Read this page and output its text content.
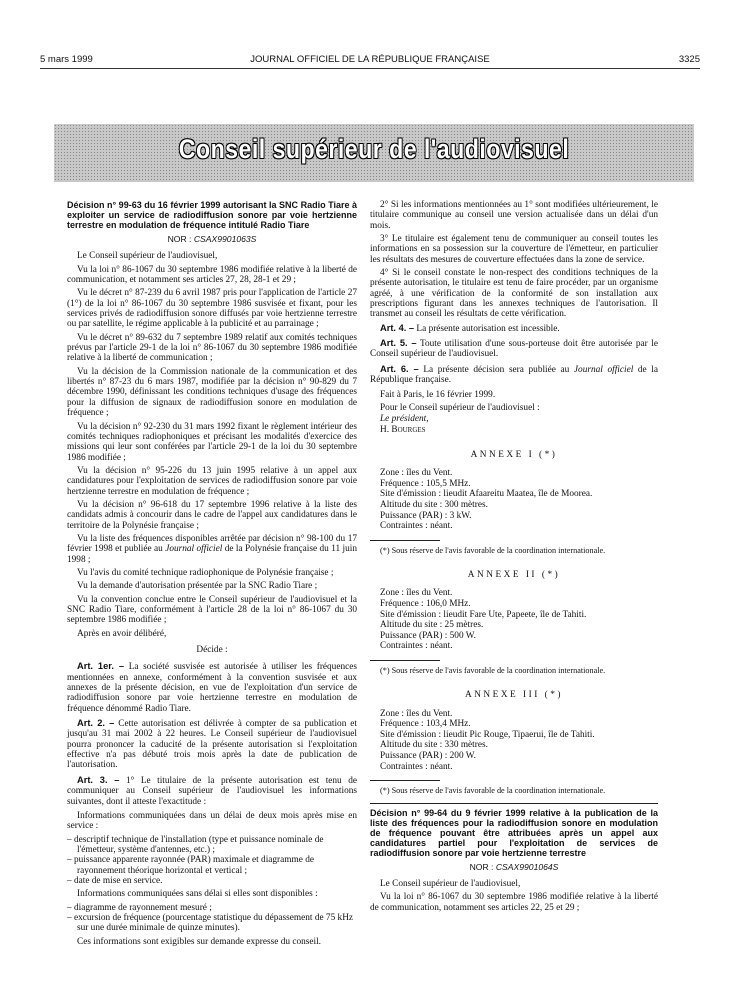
5 mars 1999	JOURNAL OFFICIEL DE LA RÉPUBLIQUE FRANÇAISE	3325
Conseil supérieur de l'audiovisuel

Décision n° 99-63 du 16 février 1999 autorisant la SNC Radio Tiare à exploiter un service de radiodiffusion sonore par voie hertzienne terrestre en modulation de fréquence intitulé Radio Tiare

NOR : CSAX9901063S

Le Conseil supérieur de l'audiovisuel,

Vu la loi n° 86-1067 du 30 septembre 1986 modifiée relative à la liberté de communication, et notamment ses articles 27, 28, 28-1 et 29 ;

Vu le décret n° 87-239 du 6 avril 1987 pris pour l'application de l'article 27 (1°) de la loi n° 86-1067 du 30 septembre 1986 susvisée et fixant, pour les services privés de radiodiffusion sonore diffusés par voie hertzienne terrestre ou par satellite, le régime applicable à la publicité et au parrainage ;

Vu le décret n° 89-632 du 7 septembre 1989 relatif aux comités techniques prévus par l'article 29-1 de la loi n° 86-1067 du 30 septembre 1986 modifiée relative à la liberté de communication ;

Vu la décision de la Commission nationale de la communication et des libertés n° 87-23 du 6 mars 1987, modifiée par la décision n° 90-829 du 7 décembre 1990, définissant les conditions techniques d'usage des fréquences pour la diffusion de signaux de radiodiffusion sonore en modulation de fréquence ;

Vu la décision n° 92-230 du 31 mars 1992 fixant le règlement intérieur des comités techniques radiophoniques et précisant les modalités d'exercice des missions qui leur sont conférées par l'article 29-1 de la loi du 30 septembre 1986 modifiée ;

Vu la décision n° 95-226 du 13 juin 1995 relative à un appel aux candidatures pour l'exploitation de services de radiodiffusion sonore par voie hertzienne terrestre en modulation de fréquence ;

Vu la décision n° 96-618 du 17 septembre 1996 relative à la liste des candidats admis à concourir dans le cadre de l'appel aux candidatures dans le territoire de la Polynésie française ;

Vu la liste des fréquences disponibles arrêtée par décision n° 98-100 du 17 février 1998 et publiée au Journal officiel de la Polynésie française du 11 juin 1998 ;

Vu l'avis du comité technique radiophonique de Polynésie française ;

Vu la demande d'autorisation présentée par la SNC Radio Tiare ;

Vu la convention conclue entre le Conseil supérieur de l'audiovisuel et la SNC Radio Tiare, conformément à l'article 28 de la loi n° 86-1067 du 30 septembre 1986 modifiée ;

Après en avoir délibéré,

Décide :

Art. 1er. – La société susvisée est autorisée à utiliser les fréquences mentionnées en annexe, conformément à la convention susvisée et aux annexes de la présente décision, en vue de l'exploitation d'un service de radiodiffusion sonore par voie hertzienne terrestre en modulation de fréquence dénommé Radio Tiare.

Art. 2. – Cette autorisation est délivrée à compter de sa publication et jusqu'au 31 mai 2002 à 22 heures. Le Conseil supérieur de l'audiovisuel pourra prononcer la caducité de la présente autorisation si l'exploitation effective n'a pas débuté trois mois après la date de publication de l'autorisation.

Art. 3. – 1° Le titulaire de la présente autorisation est tenu de communiquer au Conseil supérieur de l'audiovisuel les informations suivantes, dont il atteste l'exactitude :

Informations communiquées dans un délai de deux mois après mise en service :

– descriptif technique de l'installation (type et puissance nominale de l'émetteur, système d'antennes, etc.) ;
– puissance apparente rayonnée (PAR) maximale et diagramme de rayonnement théorique horizontal et vertical ;
– date de mise en service.

Informations communiquées sans délai si elles sont disponibles :

– diagramme de rayonnement mesuré ;
– excursion de fréquence (pourcentage statistique du dépassement de 75 kHz sur une durée minimale de quinze minutes).

Ces informations sont exigibles sur demande expresse du conseil.

2° Si les informations mentionnées au 1° sont modifiées ultérieurement, le titulaire communique au conseil une version actualisée dans un délai d'un mois.

3° Le titulaire est également tenu de communiquer au conseil toutes les informations en sa possession sur la couverture de l'émetteur, en particulier les résultats des mesures de couverture effectuées dans la zone de service.

4° Si le conseil constate le non-respect des conditions techniques de la présente autorisation, le titulaire est tenu de faire procéder, par un organisme agréé, à une vérification de la conformité de son installation aux prescriptions figurant dans les annexes techniques de l'autorisation. Il transmet au conseil les résultats de cette vérification.

Art. 4. – La présente autorisation est incessible.

Art. 5. – Toute utilisation d'une sous-porteuse doit être autorisée par le Conseil supérieur de l'audiovisuel.

Art. 6. – La présente décision sera publiée au Journal officiel de la République française.

Fait à Paris, le 16 février 1999.

Pour le Conseil supérieur de l'audiovisuel :
Le président,
H. Bourges

ANNEXE I (*)
Zone : îles du Vent.
Fréquence : 105,5 MHz.
Site d'émission : lieudit Afaareitu Maatea, île de Moorea.
Altitude du site : 300 mètres.
Puissance (PAR) : 3 kW.
Contraintes : néant.

(*) Sous réserve de l'avis favorable de la coordination internationale.

ANNEXE II (*)
Zone : îles du Vent.
Fréquence : 106,0 MHz.
Site d'émission : lieudit Fare Ute, Papeete, île de Tahiti.
Altitude du site : 25 mètres.
Puissance (PAR) : 500 W.
Contraintes : néant.

(*) Sous réserve de l'avis favorable de la coordination internationale.

ANNEXE III (*)
Zone : îles du Vent.
Fréquence : 103,4 MHz.
Site d'émission : lieudit Pic Rouge, Tipaerui, île de Tahiti.
Altitude du site : 330 mètres.
Puissance (PAR) : 200 W.
Contraintes : néant.

(*) Sous réserve de l'avis favorable de la coordination internationale.

Décision n° 99-64 du 9 février 1999 relative à la publication de la liste des fréquences pour la radiodiffusion sonore en modulation de fréquence pouvant être attribuées après un appel aux candidatures partiel pour l'exploitation de services de radiodiffusion sonore par voie hertzienne terrestre

NOR : CSAX9901064S

Le Conseil supérieur de l'audiovisuel,

Vu la loi n° 86-1067 du 30 septembre 1986 modifiée relative à la liberté de communication, notamment ses articles 22, 25 et 29 ;
